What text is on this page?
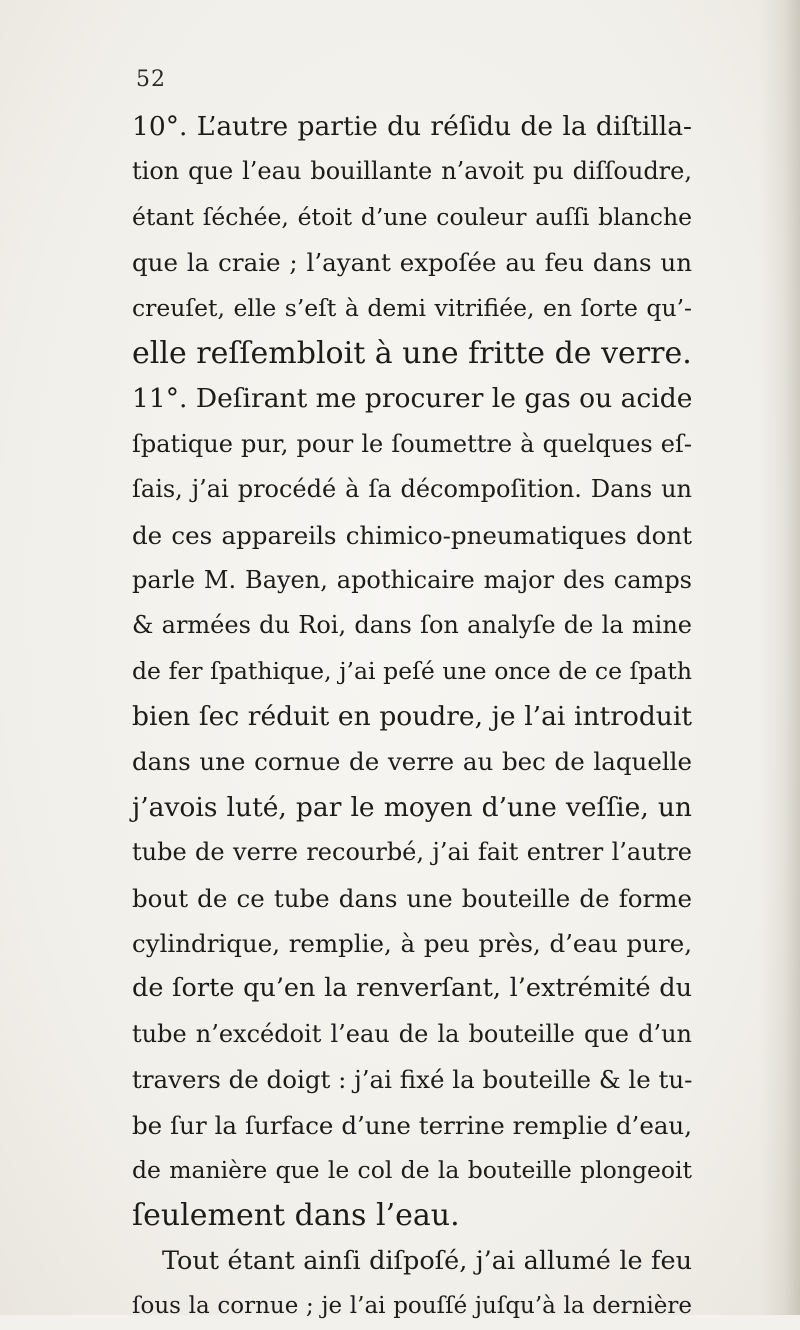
52
10°. L’autre partie du réſidu de la diſtilla-
tion que l’eau bouillante n’avoit pu diſſoudre,
étant ſéchée, étoit d’une couleur auſſi blanche
que la craie ; l’ayant expoſée au feu dans un
creuſet, elle s’eſt à demi vitrifiée, en ſorte qu’-
elle reſſembloit à une fritte de verre.
11°. Deſirant me procurer le gas ou acide
ſpatique pur, pour le ſoumettre à quelques eſ-
ſais, j’ai procédé à ſa décompoſition. Dans un
de ces appareils chimico-pneumatiques dont
parle M. Bayen, apothicaire major des camps
& armées du Roi, dans ſon analyſe de la mine
de fer ſpathique, j’ai peſé une once de ce ſpath
bien ſec réduit en poudre, je l’ai introduit
dans une cornue de verre au bec de laquelle
j’avois luté, par le moyen d’une veſſie, un
tube de verre recourbé, j’ai fait entrer l’autre
bout de ce tube dans une bouteille de forme
cylindrique, remplie, à peu près, d’eau pure,
de ſorte qu’en la renverſant, l’extrémité du
tube n’excédoit l’eau de la bouteille que d’un
travers de doigt : j’ai fixé la bouteille & le tu-
be ſur la ſurface d’une terrine remplie d’eau,
de manière que le col de la bouteille plongeoit
ſeulement dans l’eau.
Tout étant ainſi diſpoſé, j’ai allumé le feu
ſous la cornue ; je l’ai pouſſé juſqu’à la dernière
